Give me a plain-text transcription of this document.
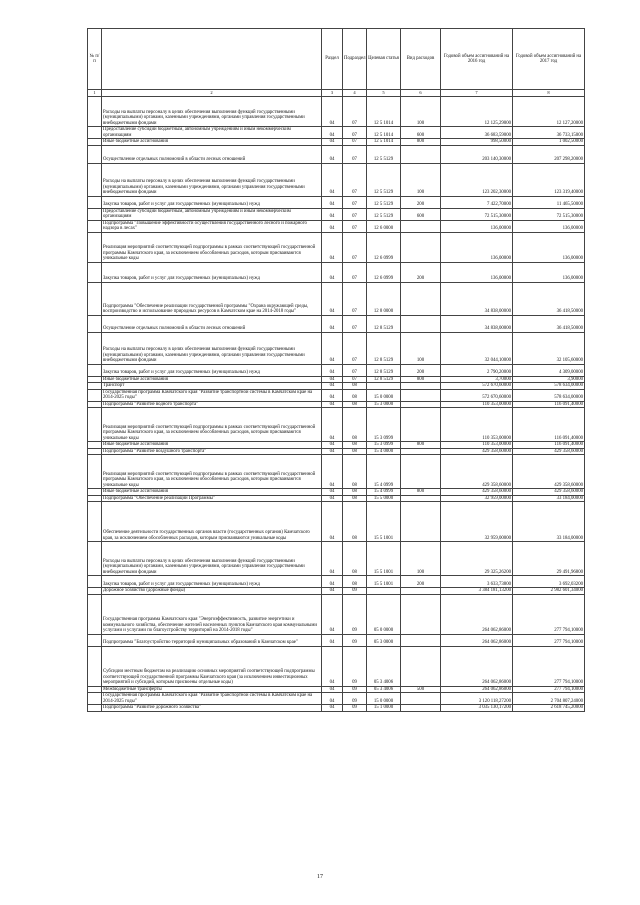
№ п/п		Раздел	Подраздел	Целевая статья	Вид расходов	Годовой объем ассигнований на 2016 год	Годовой объем ассигнований на 2017 год
1	2	3	4	5	6	7	8
	Расходы на выплаты персоналу в целях обеспечения выполнения функций государственными (муниципальными) органами, казенными учреждениями, органами управления государственными внебюджетными фондами	04	07	12 5 1014	100	12 125,29000	12 127,20000
	Предоставление субсидий бюджетным, автономным учреждениям и иным некоммерческим организациям	04	07	12 5 1014	600	36 683,59000	36 733,15000
	Иные бюджетные ассигнования	04	07	12 5 1014	800	998,50000	1 002,50000
	Осуществление отдельных полномочий в области лесных отношений	04	07	12 5 5129		203 140,30000	207 298,20000
	Расходы на выплаты персоналу в целях обеспечения выполнения функций государственными (муниципальными) органами, казенными учреждениями, органами управления государственными внебюджетными фондами	04	07	12 5 5129	100	123 202,30000	123 319,40000
	Закупка товаров, работ и услуг для государственных (муниципальных) нужд	04	07	12 5 5129	200	7 422,70000	11 465,50000
	Предоставление субсидий бюджетным, автономным учреждениям и иным некоммерческим организациям	04	07	12 5 5129	600	72 515,30000	72 515,30000
	Подпрограмма "Повышение эффективности осуществления государственного лесного и пожарного надзора в лесах"	04	07	12 6 0000		136,00000	136,00000
	Реализация мероприятий соответствующей подпрограммы в рамках соответствующей государственной программы Камчатского края, за исключением обособленных расходов, которым присваиваются уникальные коды	04	07	12 6 0999		136,00000	136,00000
	Закупка товаров, работ и услуг для государственных (муниципальных) нужд	04	07	12 6 0999	200	136,00000	136,00000
	Подпрограмма "Обеспечение реализации государственной программы "Охрана окружающей среды, воспроизводство и использование природных ресурсов в Камчатском крае на 2014-2018 годы"	04	07	12 8 0000		34 838,00000	36 418,50000
	Осуществление отдельных полномочий в области лесных отношений	04	07	12 8 5129		34 838,00000	36 418,50000
	Расходы на выплаты персоналу в целях обеспечения выполнения функций государственными (муниципальными) органами, казенными учреждениями, органами управления государственными внебюджетными фондами	04	07	12 8 5129	100	32 044,10000	32 105,60000
	Закупка товаров, работ и услуг для государственных (муниципальных) нужд	04	07	12 8 5129	200	2 790,20000	4 309,00000
	Иные бюджетные ассигнования	04	07	12 8 5129	800	3,70000	3,90000
	Транспорт	04	08			572 670,60000	578 634,00000
	Государственная программа Камчатского края "Развитие транспортной системы в Камчатском крае на 2014-2025 годы"	04	08	15 0 0000		572 670,60000	578 634,00000
	Подпрограмма "Развитие водного транспорта"	04	08	15 3 0000		110 353,00000	116 091,40000
	Реализация мероприятий соответствующей подпрограммы в рамках соответствующей государственной программы Камчатского края, за исключением обособленных расходов, которым присваиваются уникальные коды	04	08	15 3 0999		110 353,00000	116 091,40000
	Иные бюджетные ассигнования	04	08	15 3 0999	800	110 353,00000	116 091,40000
	Подпрограмма "Развитие воздушного транспорта"	04	08	15 4 0000		429 358,60000	429 358,60000
	Реализация мероприятий соответствующей подпрограммы в рамках соответствующей государственной программы Камчатского края, за исключением обособленных расходов, которым присваиваются уникальные коды	04	08	15 4 0999		429 358,60000	429 358,60000
	Иные бюджетные ассигнования	04	08	15 4 0999	800	429 358,60000	429 358,60000
	Подпрограмма "Обеспечение реализации Программы"	04	08	15 5 0000		32 959,00000	33 184,00000
	Обеспечение деятельности государственных органов власти (государственных органов) Камчатского края, за исключением обособленных расходов, которым присваиваются уникальные коды	04	08	15 5 1001		32 959,00000	33 184,00000
	Расходы на выплаты персоналу в целях обеспечения выполнения функций государственными (муниципальными) органами, казенными учреждениями, органами управления государственными внебюджетными фондами	04	08	15 5 1001	100	29 325,26200	29 491,96800
	Закупка товаров, работ и услуг для государственных (муниципальных) нужд	04	08	15 5 1001	200	3 633,73800	3 692,03200
	Дорожное хозяйство (дорожные фонды)	04	09			3 384 181,13200	2 982 601,34000
	Государственная программа Камчатского края "Энергоэффективность, развитие энергетики и коммунального хозяйства, обеспечение жителей населенных пунктов Камчатского края коммунальными услугами и услугами по благоустройству территорий на 2014-2018 годы"	04	09	05 0 0000		264 062,86000	277 794,10000
	Подпрограмма "Благоустройство территорий муниципальных образований в Камчатском крае"	04	09	05 3 0000		264 062,86000	277 794,10000
	Субсидии местным бюджетам на реализацию основных мероприятий соответствующей подпрограммы соответствующей государственной программы Камчатского края (за исключением инвестиционных мероприятий и субсидий, которым присвоены отдельные коды)	04	09	05 3 4006		264 062,86000	277 794,10000
	Межбюджетные трансферты	04	09	05 3 4006	500	264 062,86000	277 794,10000
	Государственная программа Камчатского края "Развитие транспортной системы в Камчатском крае на 2014-2025 годы"	04	09	15 0 0000		3 120 118,27200	2 704 807,24000
	Подпрограмма "Развитие дорожного хозяйства"	04	09	15 1 0000		3 035 130,17200	2 618 745,20000
17
